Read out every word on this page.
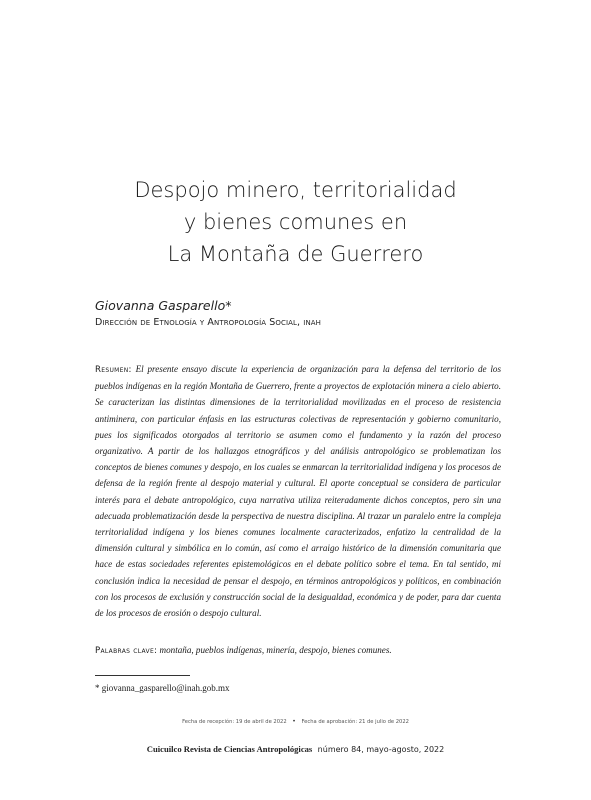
Despojo minero, territorialidad
y bienes comunes en
La Montaña de Guerrero
Giovanna Gasparello*
Dirección de Etnología y Antropología Social, inah
Resumen: El presente ensayo discute la experiencia de organización para la defensa del territorio de los pueblos indígenas en la región Montaña de Guerrero, frente a proyectos de explotación minera a cielo abierto. Se caracterizan las distintas dimensiones de la territorialidad movilizadas en el proceso de resistencia antiminera, con particular énfasis en las estructuras colectivas de representación y gobierno comunitario, pues los significados otorgados al territorio se asumen como el fundamento y la razón del proceso organizativo. A partir de los hallazgos etnográficos y del análisis antropológico se problematizan los conceptos de bienes comunes y despojo, en los cuales se enmarcan la territorialidad indígena y los procesos de defensa de la región frente al despojo material y cultural. El aporte conceptual se considera de particular interés para el debate antropológico, cuya narrativa utiliza reiteradamente dichos conceptos, pero sin una adecuada problematización desde la perspectiva de nuestra disciplina. Al trazar un paralelo entre la compleja territorialidad indígena y los bienes comunes localmente caracterizados, enfatizo la centralidad de la dimensión cultural y simbólica en lo común, así como el arraigo histórico de la dimensión comunitaria que hace de estas sociedades referentes epistemológicos en el debate político sobre el tema. En tal sentido, mi conclusión indica la necesidad de pensar el despojo, en términos antropológicos y políticos, en combinación con los procesos de exclusión y construcción social de la desigualdad, económica y de poder, para dar cuenta de los procesos de erosión o despojo cultural.
Palabras clave: montaña, pueblos indígenas, minería, despojo, bienes comunes.
* giovanna_gasparello@inah.gob.mx
Fecha de recepción: 19 de abril de 2022 • Fecha de aprobación: 21 de julio de 2022
Cuicuilco Revista de Ciencias Antropológicas número 84, mayo-agosto, 2022
